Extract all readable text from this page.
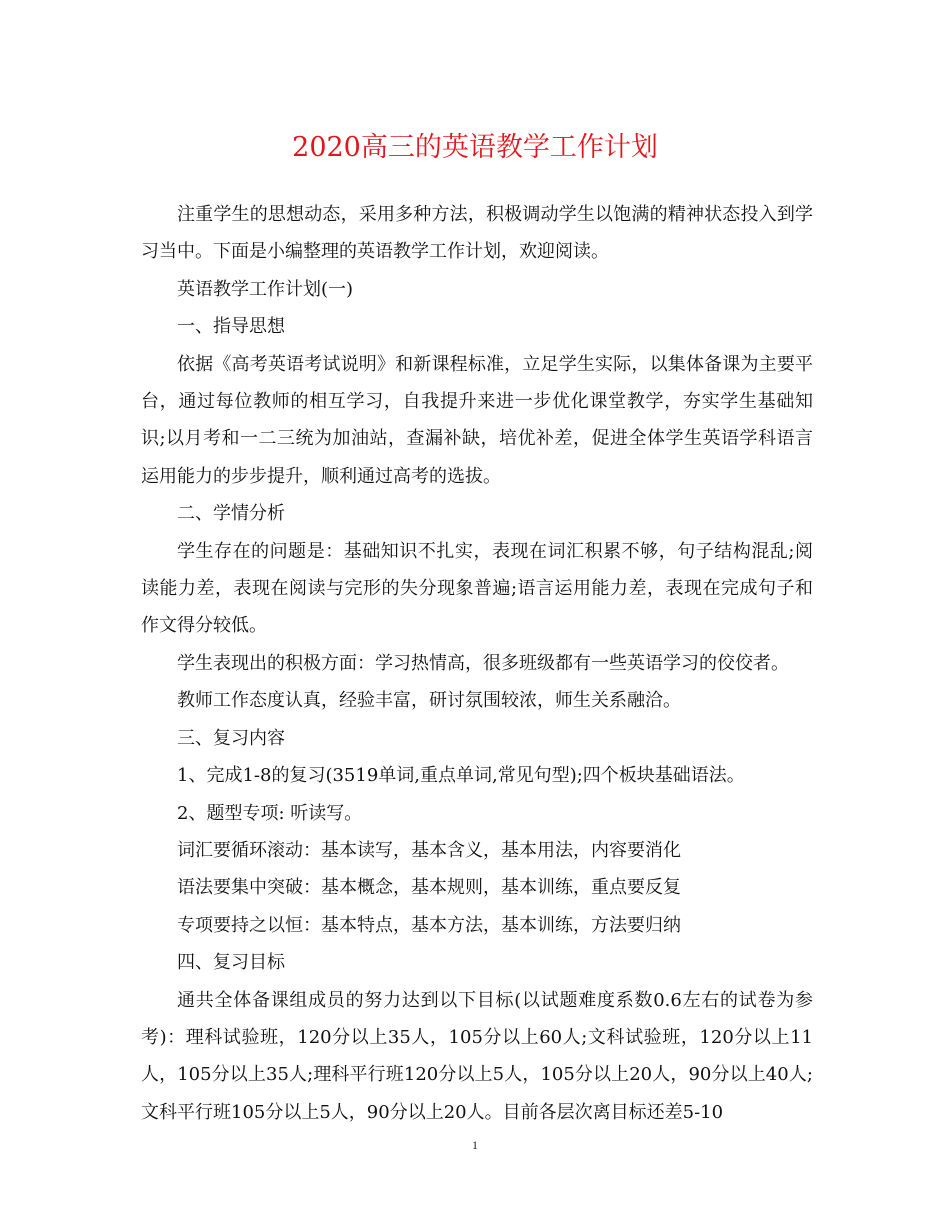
2020高三的英语教学工作计划

注重学生的思想动态，采用多种方法，积极调动学生以饱满的精神状态投入到学习当中。下面是小编整理的英语教学工作计划，欢迎阅读。

英语教学工作计划(一)

一、指导思想

依据《高考英语考试说明》和新课程标准，立足学生实际，以集体备课为主要平台，通过每位教师的相互学习，自我提升来进一步优化课堂教学，夯实学生基础知识;以月考和一二三统为加油站，查漏补缺，培优补差，促进全体学生英语学科语言运用能力的步步提升，顺利通过高考的选拔。

二、学情分析

学生存在的问题是：基础知识不扎实，表现在词汇积累不够，句子结构混乱;阅读能力差，表现在阅读与完形的失分现象普遍;语言运用能力差，表现在完成句子和作文得分较低。

学生表现出的积极方面：学习热情高，很多班级都有一些英语学习的佼佼者。

教师工作态度认真，经验丰富，研讨氛围较浓，师生关系融洽。

三、复习内容

1、完成1-8的复习(3519单词,重点单词,常见句型);四个板块基础语法。

2、题型专项: 听读写。

词汇要循环滚动：基本读写，基本含义，基本用法，内容要消化

语法要集中突破：基本概念，基本规则，基本训练，重点要反复

专项要持之以恒：基本特点，基本方法，基本训练，方法要归纳

四、复习目标

通共全体备课组成员的努力达到以下目标(以试题难度系数0.6左右的试卷为参考)：理科试验班，120分以上35人，105分以上60人;文科试验班，120分以上11人，105分以上35人;理科平行班120分以上5人，105分以上20人，90分以上40人;文科平行班105分以上5人，90分以上20人。目前各层次离目标还差5-10

1
